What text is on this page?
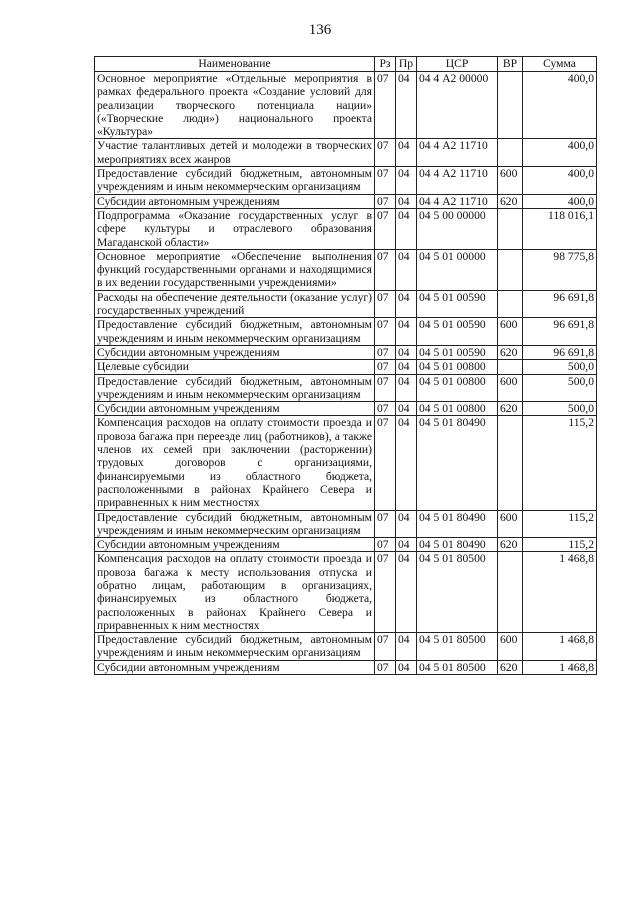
136
Наименование	Рз	Пр	ЦСР	ВР	Сумма
Основное мероприятие «Отдельные мероприятия в рамках федерального проекта «Создание условий для реализации творческого потенциала нации» («Творческие люди») национального проекта «Культура»	07	04	04 4 А2 00000		400,0
Участие талантливых детей и молодежи в творческих мероприятиях всех жанров	07	04	04 4 А2 11710		400,0
Предоставление субсидий бюджетным, автономным учреждениям и иным некоммерческим организациям	07	04	04 4 А2 11710	600	400,0
Субсидии автономным учреждениям	07	04	04 4 А2 11710	620	400,0
Подпрограмма «Оказание государственных услуг в сфере культуры и отраслевого образования Магаданской области»	07	04	04 5 00 00000		118 016,1
Основное мероприятие «Обеспечение выполнения функций государственными органами и находящимися в их ведении государственными учреждениями»	07	04	04 5 01 00000		98 775,8
Расходы на обеспечение деятельности (оказание услуг) государственных учреждений	07	04	04 5 01 00590		96 691,8
Предоставление субсидий бюджетным, автономным учреждениям и иным некоммерческим организациям	07	04	04 5 01 00590	600	96 691,8
Субсидии автономным учреждениям	07	04	04 5 01 00590	620	96 691,8
Целевые субсидии	07	04	04 5 01 00800		500,0
Предоставление субсидий бюджетным, автономным учреждениям и иным некоммерческим организациям	07	04	04 5 01 00800	600	500,0
Субсидии автономным учреждениям	07	04	04 5 01 00800	620	500,0
Компенсация расходов на оплату стоимости проезда и провоза багажа при переезде лиц (работников), а также членов их семей при заключении (расторжении) трудовых договоров с организациями, финансируемыми из областного бюджета, расположенными в районах Крайнего Севера и приравненных к ним местностях	07	04	04 5 01 80490		115,2
Предоставление субсидий бюджетным, автономным учреждениям и иным некоммерческим организациям	07	04	04 5 01 80490	600	115,2
Субсидии автономным учреждениям	07	04	04 5 01 80490	620	115,2
Компенсация расходов на оплату стоимости проезда и провоза багажа к месту использования отпуска и обратно лицам, работающим в организациях, финансируемых из областного бюджета, расположенных в районах Крайнего Севера и приравненных к ним местностях	07	04	04 5 01 80500		1 468,8
Предоставление субсидий бюджетным, автономным учреждениям и иным некоммерческим организациям	07	04	04 5 01 80500	600	1 468,8
Субсидии автономным учреждениям	07	04	04 5 01 80500	620	1 468,8
